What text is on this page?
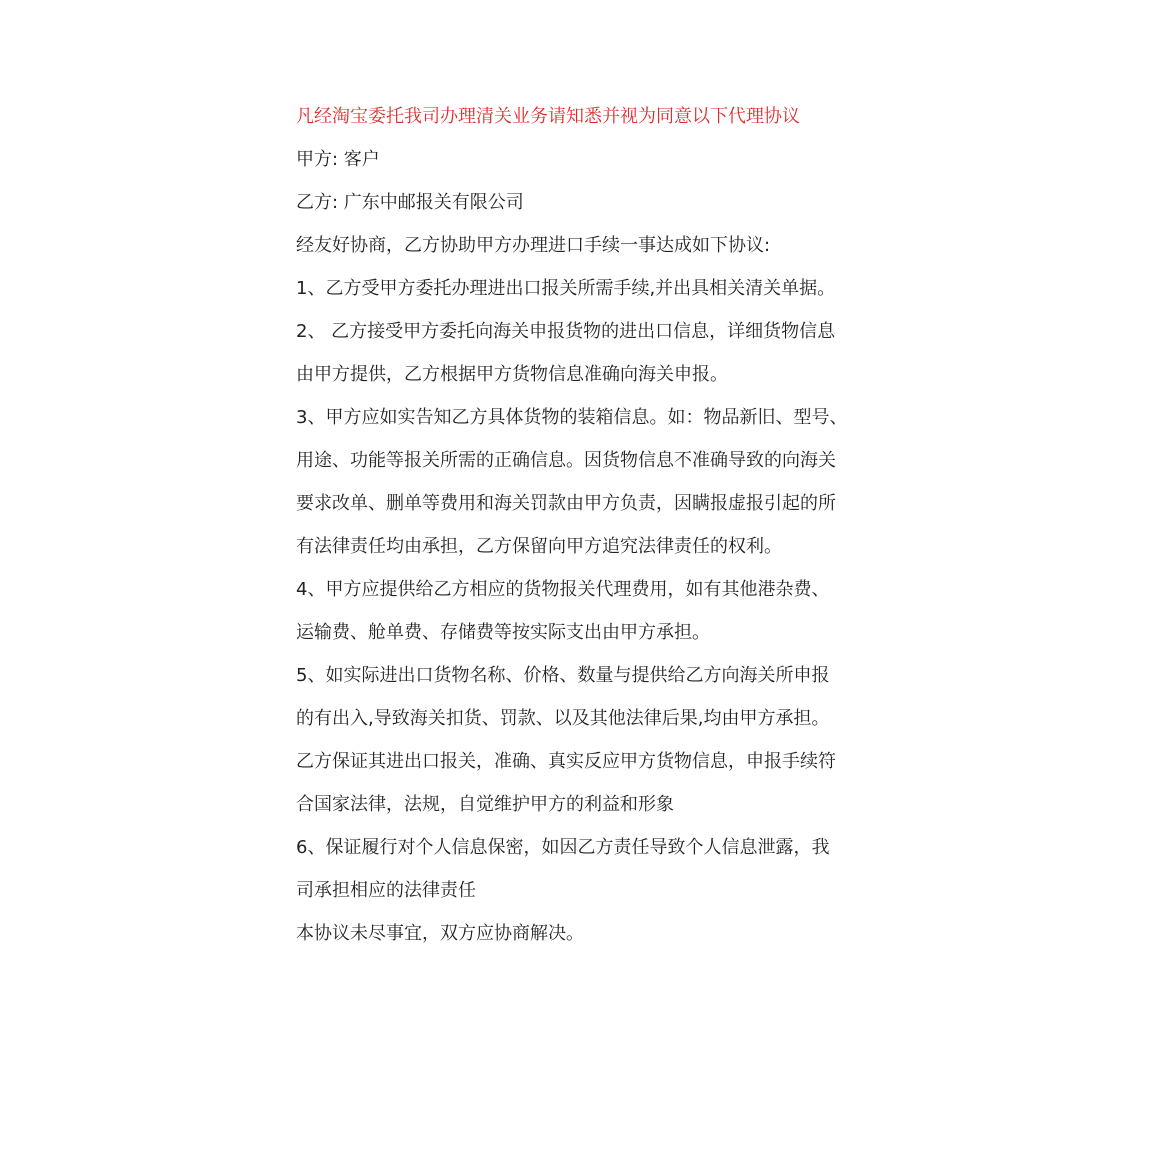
凡经淘宝委托我司办理清关业务请知悉并视为同意以下代理协议

甲方: 客户

乙方: 广东中邮报关有限公司

经友好协商，乙方协助甲方办理进口手续一事达成如下协议:

1、乙方受甲方委托办理进出口报关所需手续,并出具相关清关单据。

2、 乙方接受甲方委托向海关申报货物的进出口信息，详细货物信息

由甲方提供，乙方根据甲方货物信息准确向海关申报。

3、甲方应如实告知乙方具体货物的装箱信息。如：物品新旧、型号、

用途、功能等报关所需的正确信息。因货物信息不准确导致的向海关

要求改单、删单等费用和海关罚款由甲方负责，因瞒报虚报引起的所

有法律责任均由承担，乙方保留向甲方追究法律责任的权利。

4、甲方应提供给乙方相应的货物报关代理费用，如有其他港杂费、

运输费、舱单费、存储费等按实际支出由甲方承担。

5、如实际进出口货物名称、价格、数量与提供给乙方向海关所申报

的有出入,导致海关扣货、罚款、以及其他法律后果,均由甲方承担。

乙方保证其进出口报关，准确、真实反应甲方货物信息，申报手续符

合国家法律，法规，自觉维护甲方的利益和形象

6、保证履行对个人信息保密，如因乙方责任导致个人信息泄露，我

司承担相应的法律责任

本协议未尽事宜，双方应协商解决。
